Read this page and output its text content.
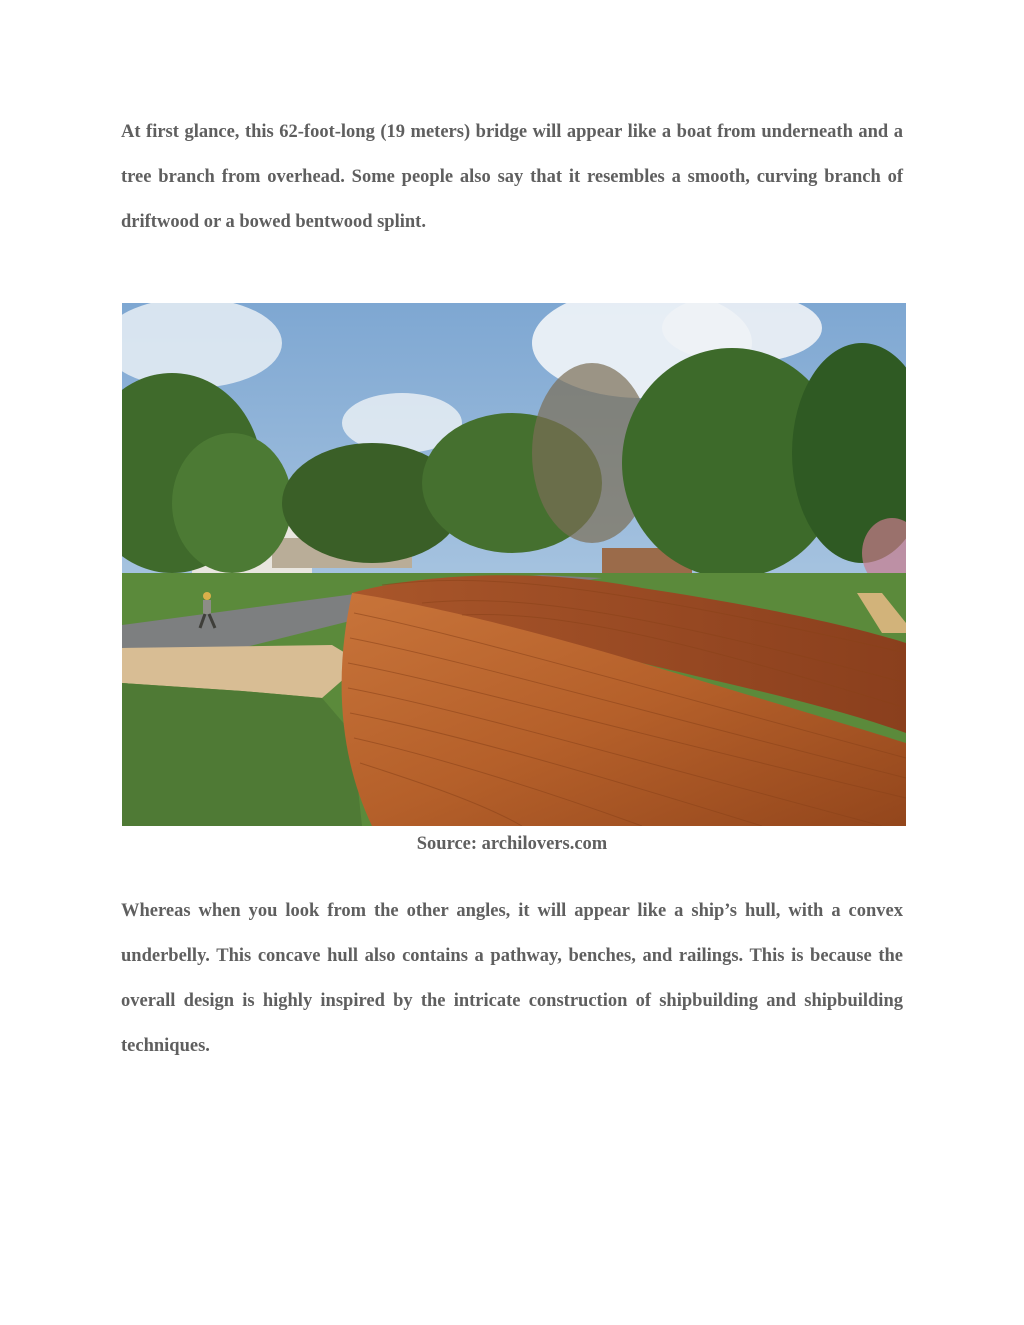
At first glance, this 62-foot-long (19 meters) bridge will appear like a boat from underneath and a tree branch from overhead. Some people also say that it resembles a smooth, curving branch of driftwood or a bowed bentwood splint.

Source: archilovers.com

Whereas when you look from the other angles, it will appear like a ship’s hull, with a convex underbelly. This concave hull also contains a pathway, benches, and railings. This is because the overall design is highly inspired by the intricate construction of shipbuilding and shipbuilding techniques.
